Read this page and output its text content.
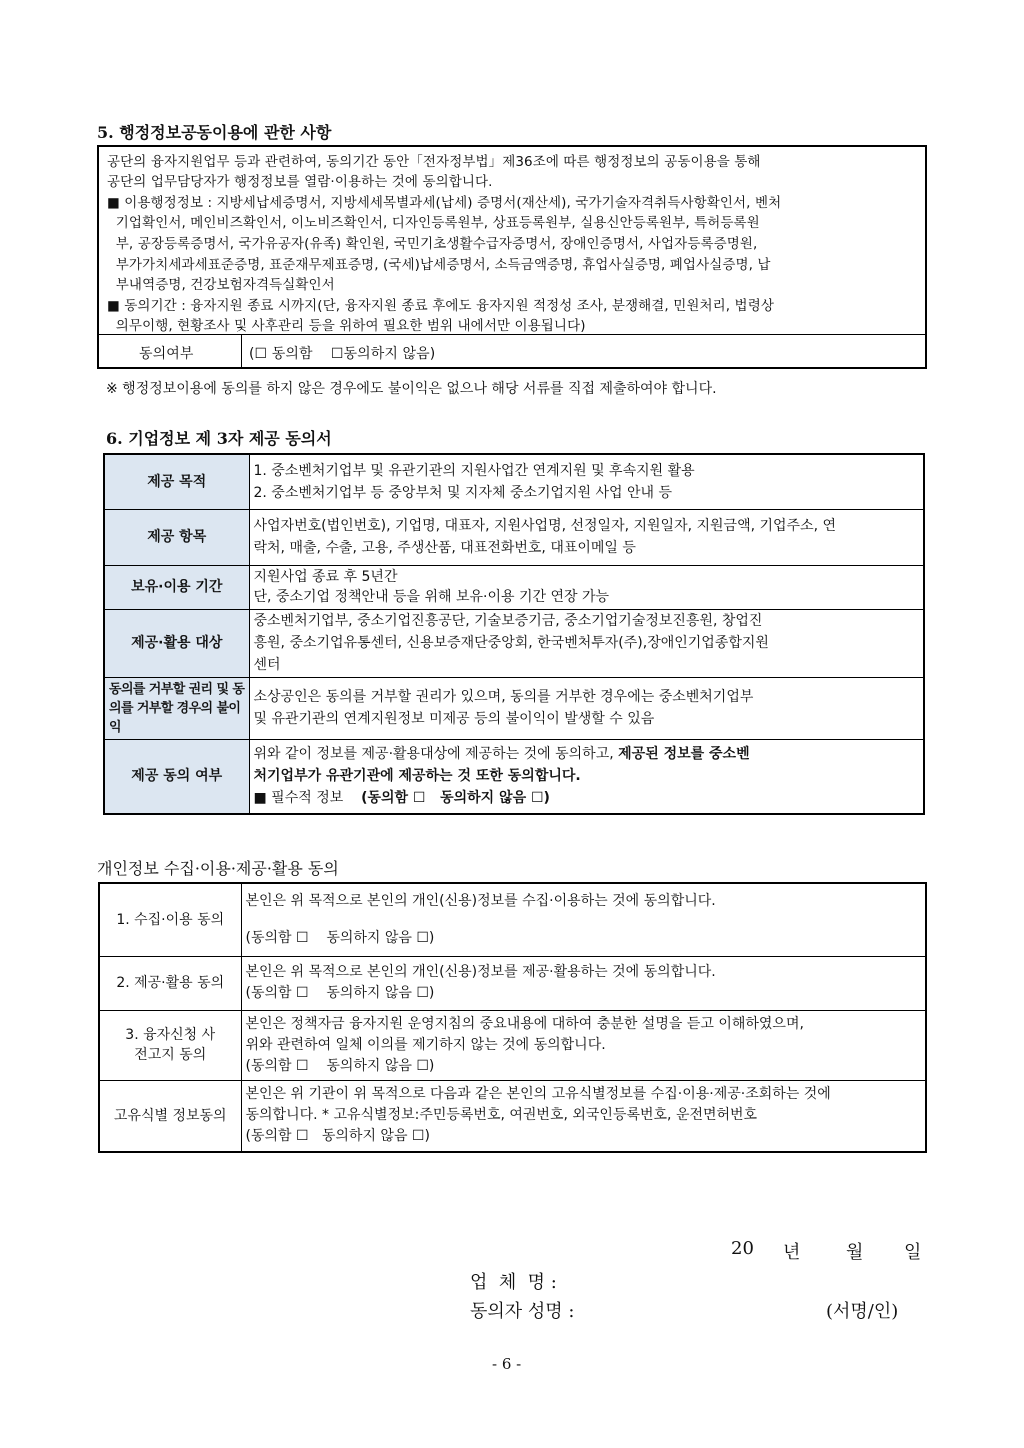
5. 행정정보공동이용에 관한 사항
공단의 융자지원업무 등과 관련하여, 동의기간 동안「전자정부법」제36조에 따른 행정정보의 공동이용을 통해
공단의 업무담당자가 행정정보를 열람·이용하는 것에 동의합니다.
■ 이용행정정보 : 지방세납세증명서, 지방세세목별과세(납세) 증명서(재산세), 국가기술자격취득사항확인서, 벤처
기업확인서, 메인비즈확인서, 이노비즈확인서, 디자인등록원부, 상표등록원부, 실용신안등록원부, 특허등록원
부, 공장등록증명서, 국가유공자(유족) 확인원, 국민기초생활수급자증명서, 장애인증명서, 사업자등록증명원,
부가가치세과세표준증명, 표준재무제표증명, (국세)납세증명서, 소득금액증명, 휴업사실증명, 폐업사실증명, 납
부내역증명, 건강보험자격득실확인서
■ 동의기간 : 융자지원 종료 시까지(단, 융자지원 종료 후에도 융자지원 적정성 조사, 분쟁해결, 민원처리, 법령상
의무이행, 현황조사 및 사후관리 등을 위하여 필요한 범위 내에서만 이용됩니다)
동의여부	(☐ 동의함    ☐동의하지 않음)
※ 행정정보이용에 동의를 하지 않은 경우에도 불이익은 없으나 해당 서류를 직접 제출하여야 합니다.
6. 기업정보 제 3자 제공 동의서
제공 목적	1. 중소벤처기업부 및 유관기관의 지원사업간 연계지원 및 후속지원 활용
2. 중소벤처기업부 등 중앙부처 및 지자체 중소기업지원 사업 안내 등

제공 항목	사업자번호(법인번호), 기업명, 대표자, 지원사업명, 선정일자, 지원일자, 지원금액, 기업주소, 연
락처, 매출, 수출, 고용, 주생산품, 대표전화번호, 대표이메일 등

보유·이용 기간	지원사업 종료 후 5년간
단, 중소기업 정책안내 등을 위해 보유·이용 기간 연장 가능

제공·활용 대상	중소벤처기업부, 중소기업진흥공단, 기술보증기금, 중소기업기술정보진흥원, 창업진
흥원, 중소기업유통센터, 신용보증재단중앙회, 한국벤처투자(주),장애인기업종합지원
센터

동의를 거부할 권리 및 동의를 거부할 경우의 불이익	소상공인은 동의를 거부할 권리가 있으며, 동의를 거부한 경우에는 중소벤처기업부
및 유관기관의 연계지원정보 미제공 등의 불이익이 발생할 수 있음

제공 동의 여부	위와 같이 정보를 제공·활용대상에 제공하는 것에 동의하고, 제공된 정보를 중소벤
처기업부가 유관기관에 제공하는 것 또한 동의합니다.
■ 필수적 정보 (동의함 ☐   동의하지 않음 ☐)
개인정보 수집·이용·제공·활용 동의
1. 수집·이용 동의	본인은 위 목적으로 본인의 개인(신용)정보를 수집·이용하는 것에 동의합니다.
(동의함 ☐    동의하지 않음 ☐)

2. 제공·활용 동의	본인은 위 목적으로 본인의 개인(신용)정보를 제공·활용하는 것에 동의합니다.
(동의함 ☐    동의하지 않음 ☐)

3. 융자신청 사전고지 동의	본인은 정책자금 융자지원 운영지침의 중요내용에 대하여 충분한 설명을 듣고 이해하였으며,
위와 관련하여 일체 이의를 제기하지 않는 것에 동의합니다.
(동의함 ☐    동의하지 않음 ☐)

고유식별 정보동의	본인은 위 기관이 위 목적으로 다음과 같은 본인의 고유식별정보를 수집·이용·제공·조회하는 것에
동의합니다. * 고유식별정보:주민등록번호, 여권번호, 외국인등록번호, 운전면허번호
(동의함 ☐   동의하지 않음 ☐)
20 년	월 일
업  체  명 :
동의자 성명 :	(서명/인)
- 6 -
